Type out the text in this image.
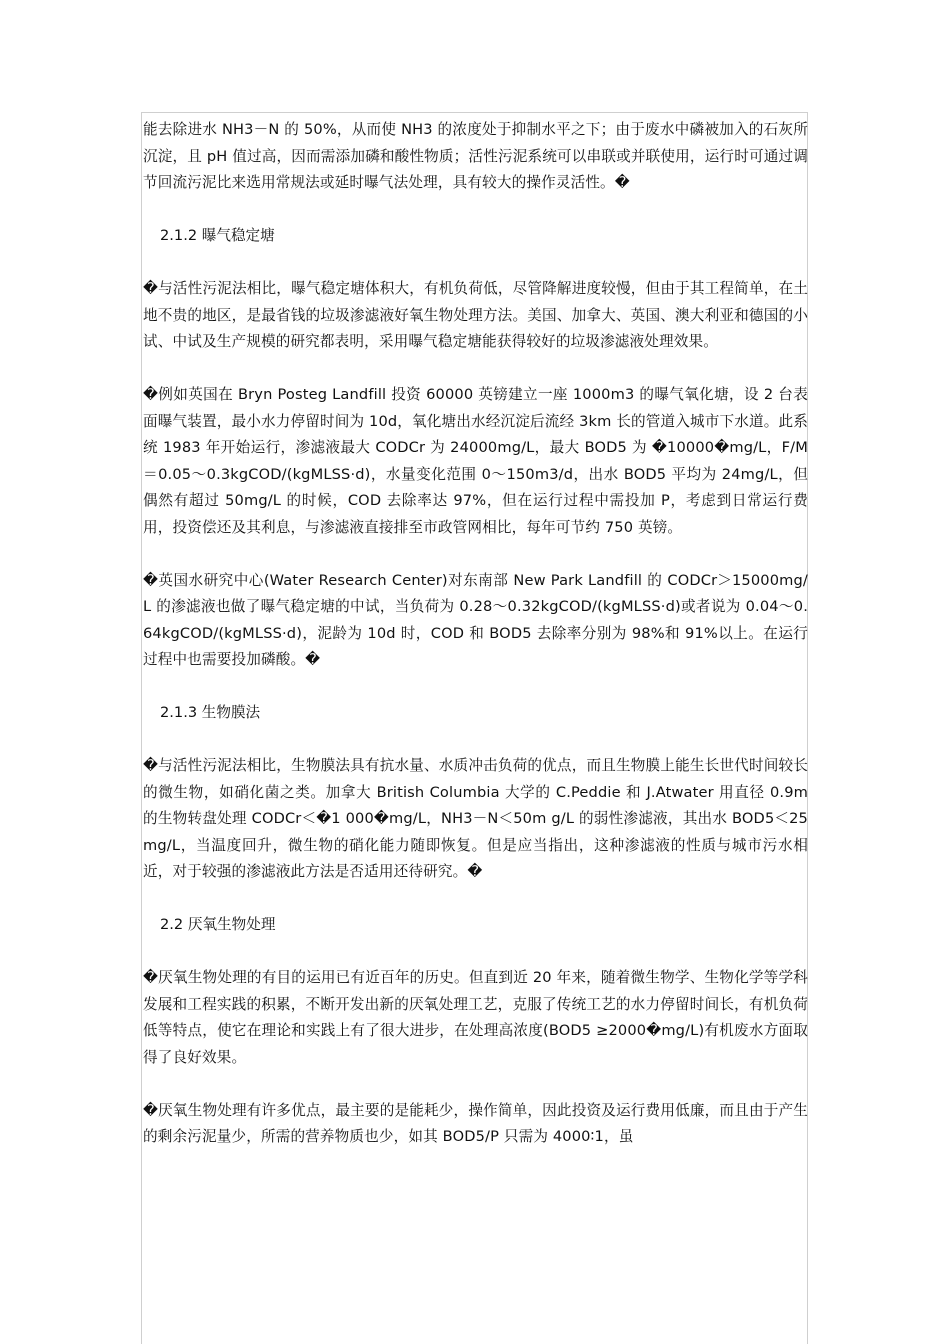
能去除进水 NH3－N 的 50%，从而使 NH3 的浓度处于抑制水平之下；由于废水中磷被加入的石灰所沉淀，且 pH 值过高，因而需添加磷和酸性物质；活性污泥系统可以串联或并联使用，运行时可通过调节回流污泥比来选用常规法或延时曝气法处理，具有较大的操作灵活性。�

2.1.2 曝气稳定塘

�与活性污泥法相比，曝气稳定塘体积大，有机负荷低，尽管降解进度较慢，但由于其工程简单，在土地不贵的地区，是最省钱的垃圾渗滤液好氧生物处理方法。美国、加拿大、英国、澳大利亚和德国的小试、中试及生产规模的研究都表明，采用曝气稳定塘能获得较好的垃圾渗滤液处理效果。

�例如英国在 Bryn Posteg Landfill 投资 60000 英镑建立一座 1000m3 的曝气氧化塘，设 2 台表面曝气装置，最小水力停留时间为 10d，氧化塘出水经沉淀后流经 3km 长的管道入城市下水道。此系统 1983 年开始运行，渗滤液最大 CODCr 为 24000mg/L，最大 BOD5 为 �10000�mg/L，F/M＝0.05～0.3kgCOD/(kgMLSS·d)，水量变化范围 0～150m3/d，出水 BOD5 平均为 24mg/L，但偶然有超过 50mg/L 的时候，COD 去除率达 97%，但在运行过程中需投加 P，考虑到日常运行费用，投资偿还及其利息，与渗滤液直接排至市政管网相比，每年可节约 750 英镑。

�英国水研究中心(Water Research Center)对东南部 New Park Landfill 的 CODCr＞15000mg/L 的渗滤液也做了曝气稳定塘的中试，当负荷为 0.28～0.32kgCOD/(kgMLSS·d)或者说为 0.04～0.64kgCOD/(kgMLSS·d)，泥龄为 10d 时，COD 和 BOD5 去除率分别为 98%和 91%以上。在运行过程中也需要投加磷酸。�

2.1.3 生物膜法

�与活性污泥法相比，生物膜法具有抗水量、水质冲击负荷的优点，而且生物膜上能生长世代时间较长的微生物，如硝化菌之类。加拿大 British Columbia 大学的 C.Peddie 和 J.Atwater 用直径 0.9m 的生物转盘处理 CODCr＜�1 000�mg/L，NH3－N＜50m g/L 的弱性渗滤液，其出水 BOD5＜25mg/L，当温度回升，微生物的硝化能力随即恢复。但是应当指出，这种渗滤液的性质与城市污水相近，对于较强的渗滤液此方法是否适用还待研究。�

2.2 厌氧生物处理

�厌氧生物处理的有目的运用已有近百年的历史。但直到近 20 年来，随着微生物学、生物化学等学科发展和工程实践的积累，不断开发出新的厌氧处理工艺，克服了传统工艺的水力停留时间长，有机负荷低等特点，使它在理论和实践上有了很大进步，在处理高浓度(BOD5 ≥2000�mg/L)有机废水方面取得了良好效果。

�厌氧生物处理有许多优点，最主要的是能耗少，操作简单，因此投资及运行费用低廉，而且由于产生的剩余污泥量少，所需的营养物质也少，如其 BOD5/P 只需为 4000∶1，虽
